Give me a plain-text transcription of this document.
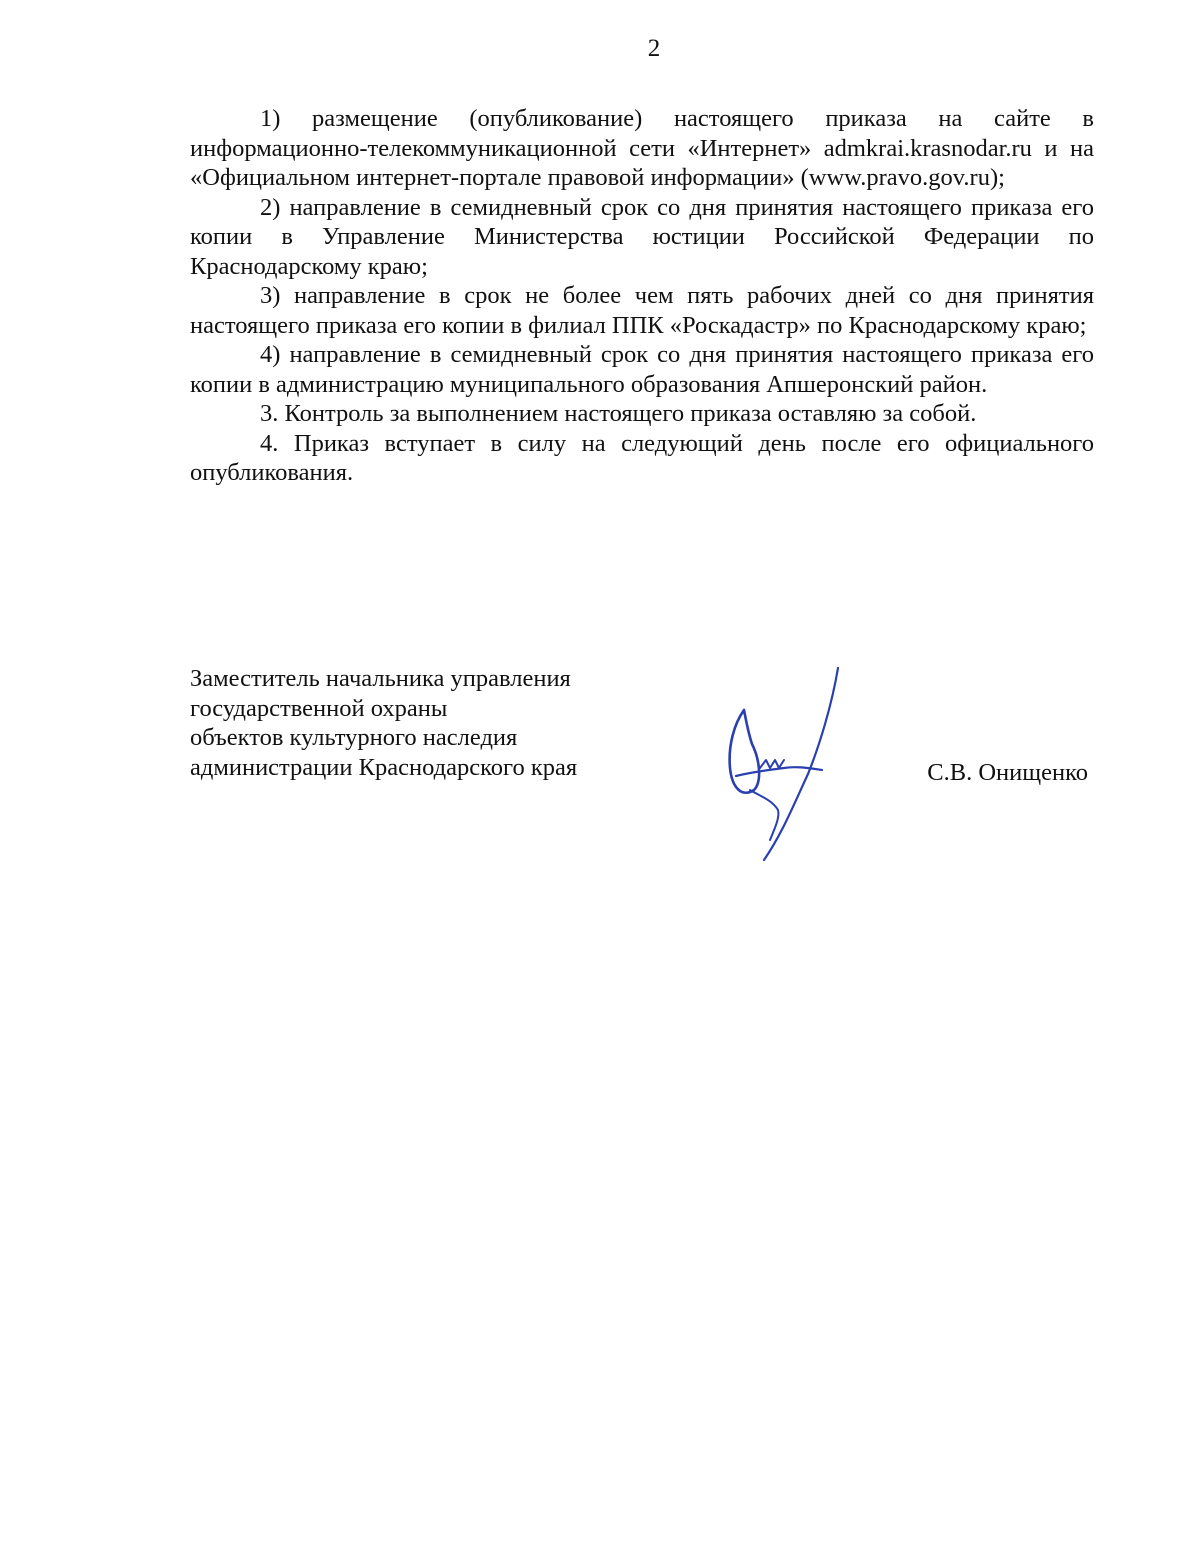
2

1) размещение (опубликование) настоящего приказа на сайте в информационно-телекоммуникационной сети «Интернет» admkrai.krasnodar.ru и на «Официальном интернет-портале правовой информации» (www.pravo.gov.ru);

2) направление в семидневный срок со дня принятия настоящего приказа его копии в Управление Министерства юстиции Российской Федерации по Краснодарскому краю;

3) направление в срок не более чем пять рабочих дней со дня принятия настоящего приказа его копии в филиал ППК «Роскадастр» по Краснодарскому краю;

4) направление в семидневный срок со дня принятия настоящего приказа его копии в администрацию муниципального образования Апшеронский район.

3. Контроль за выполнением настоящего приказа оставляю за собой.

4. Приказ вступает в силу на следующий день после его официального опубликования.

Заместитель начальника управления
государственной охраны
объектов культурного наследия
администрации Краснодарского края	С.В. Онищенко
